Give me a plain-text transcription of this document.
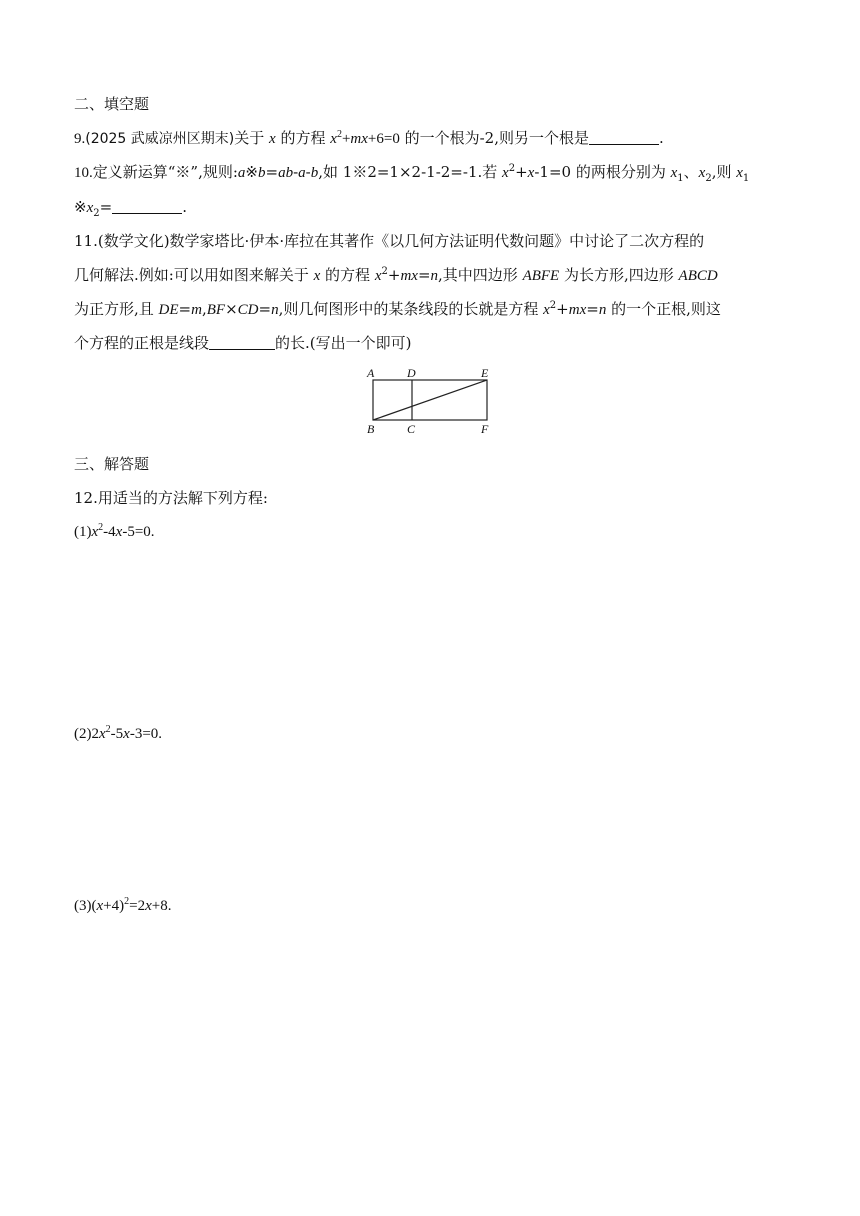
二、填空题
9.(2025 武威凉州区期末)关于 x 的方程 $x^2+mx+6=0$ 的一个根为-2,则另一个根是	.
10.定义新运算“※”,规则:a※b=ab-a-b,如 1※2=1×2-1-2=-1.若 $x^2+x-1=0$ 的两根分别为 $x_1$、$x_2$,则 $x_1$
$※x_2=$	.
11.(数学文化)数学家塔比·伊本·库拉在其著作《以几何方法证明代数问题》中讨论了二次方程的
几何解法.例如:可以用如图来解关于 x 的方程 $x^2+mx=n$,其中四边形 ABFE 为长方形,四边形 ABCD
为正方形,且 DE=m,BF×CD=n,则几何图形中的某条线段的长就是方程 $x^2+mx=n$ 的一个正根,则这
个方程的正根是线段	的长.(写出一个即可)
A	D	E
B	C	F
三、解答题
12.用适当的方法解下列方程:
$(1)x^2-4x-5=0$.
$(2)2x^2-5x-3=0$.
$(3)(x+4)^2=2x+8$.
